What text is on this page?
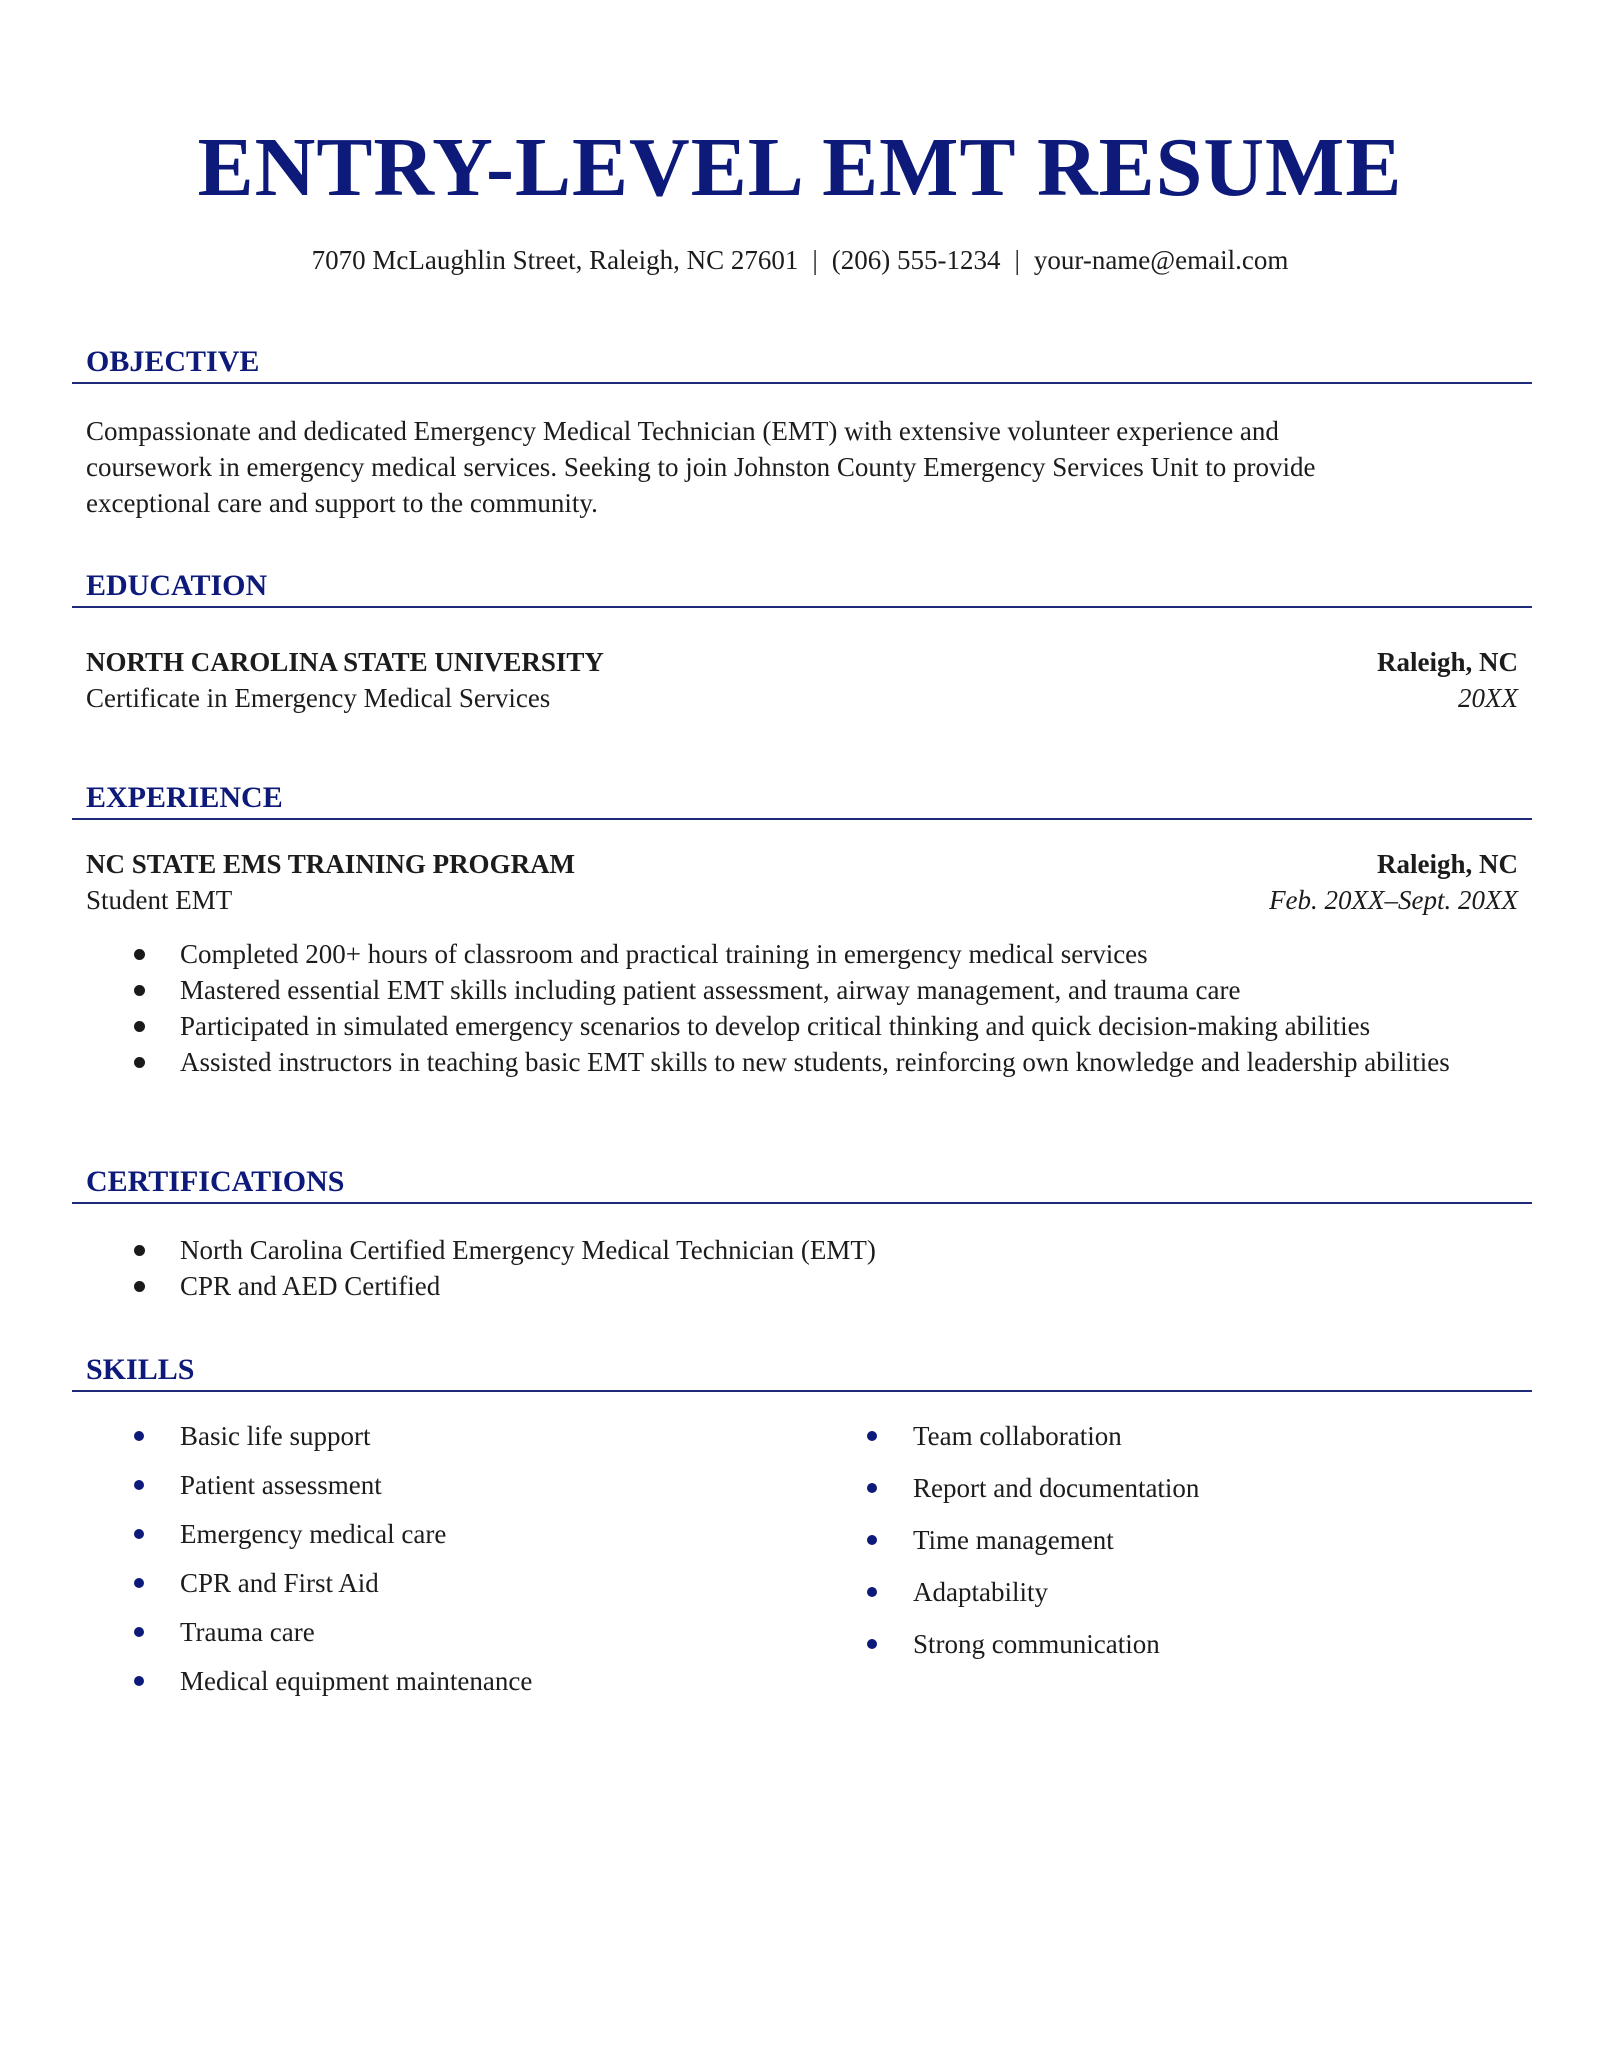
ENTRY-LEVEL EMT RESUME
7070 McLaughlin Street, Raleigh, NC 27601 | (206) 555-1234 | your-name@email.com
OBJECTIVE
Compassionate and dedicated Emergency Medical Technician (EMT) with extensive volunteer experience and
coursework in emergency medical services. Seeking to join Johnston County Emergency Services Unit to provide
exceptional care and support to the community.
EDUCATION
NORTH CAROLINA STATE UNIVERSITY	Raleigh, NC
Certificate in Emergency Medical Services	20XX
EXPERIENCE
NC STATE EMS TRAINING PROGRAM	Raleigh, NC
Student EMT	Feb. 20XX–Sept. 20XX
Completed 200+ hours of classroom and practical training in emergency medical services
Mastered essential EMT skills including patient assessment, airway management, and trauma care
Participated in simulated emergency scenarios to develop critical thinking and quick decision-making abilities
Assisted instructors in teaching basic EMT skills to new students, reinforcing own knowledge and leadership abilities
CERTIFICATIONS
North Carolina Certified Emergency Medical Technician (EMT)
CPR and AED Certified
SKILLS
Basic life support
Patient assessment
Emergency medical care
CPR and First Aid
Trauma care
Medical equipment maintenance
Team collaboration
Report and documentation
Time management
Adaptability
Strong communication
